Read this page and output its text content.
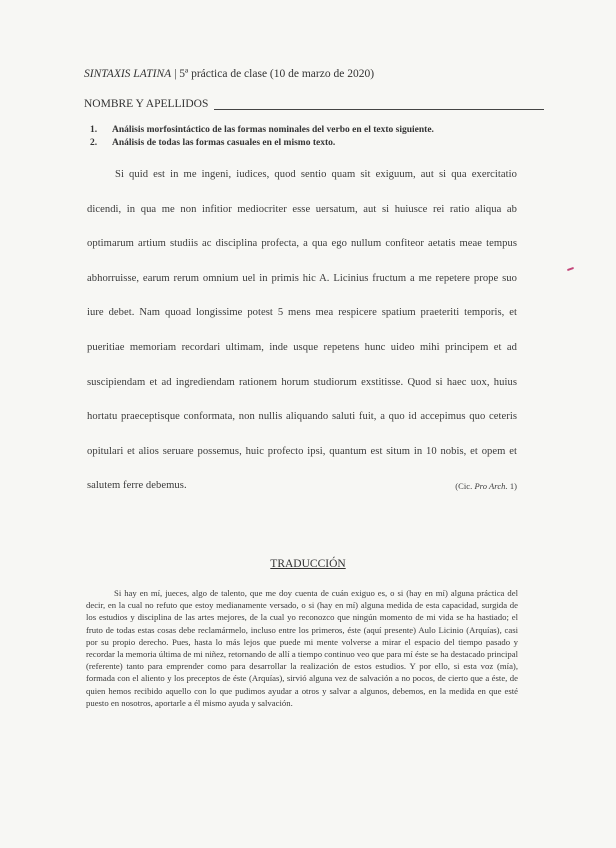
SINTAXIS LATINA | 5ª práctica de clase (10 de marzo de 2020)
NOMBRE Y APELLIDOS
1.	Análisis morfosintáctico de las formas nominales del verbo en el texto siguiente.
2.	Análisis de todas las formas casuales en el mismo texto.

Si quid est in me ingeni, iudices, quod sentio quam sit exiguum, aut si qua exercitatio dicendi, in qua me non infitior mediocriter esse uersatum, aut si huiusce rei ratio aliqua ab optimarum artium studiis ac disciplina profecta, a qua ego nullum confiteor aetatis meae tempus abhorruisse, earum rerum omnium uel in primis hic A. Licinius fructum a me repetere prope suo iure debet. Nam quoad longissime potest 5 mens mea respicere spatium praeteriti temporis, et pueritiae memoriam recordari ultimam, inde usque repetens hunc uideo mihi principem et ad suscipiendam et ad ingrediendam rationem horum studiorum exstitisse. Quod si haec uox, huius hortatu praeceptisque conformata, non nullis aliquando saluti fuit, a quo id accepimus quo ceteris opitulari et alios seruare possemus, huic profecto ipsi, quantum est situm in 10 nobis, et opem et salutem ferre debemus.	(Cic. Pro Arch. 1)

TRADUCCIÓN

Si hay en mí, jueces, algo de talento, que me doy cuenta de cuán exiguo es, o si (hay en mí) alguna práctica del decir, en la cual no refuto que estoy medianamente versado, o si (hay en mí) alguna medida de esta capacidad, surgida de los estudios y disciplina de las artes mejores, de la cual yo reconozco que ningún momento de mi vida se ha hastiado; el fruto de todas estas cosas debe reclamármelo, incluso entre los primeros, éste (aquí presente) Aulo Licinio (Arquías), casi por su propio derecho. Pues, hasta lo más lejos que puede mi mente volverse a mirar el espacio del tiempo pasado y recordar la memoria última de mi niñez, retornando de allí a tiempo continuo veo que para mí éste se ha destacado principal (referente) tanto para emprender como para desarrollar la realización de estos estudios. Y por ello, si esta voz (mía), formada con el aliento y los preceptos de éste (Arquías), sirvió alguna vez de salvación a no pocos, de cierto que a éste, de quien hemos recibido aquello con lo que pudimos ayudar a otros y salvar a algunos, debemos, en la medida en que esté puesto en nosotros, aportarle a él mismo ayuda y salvación.
